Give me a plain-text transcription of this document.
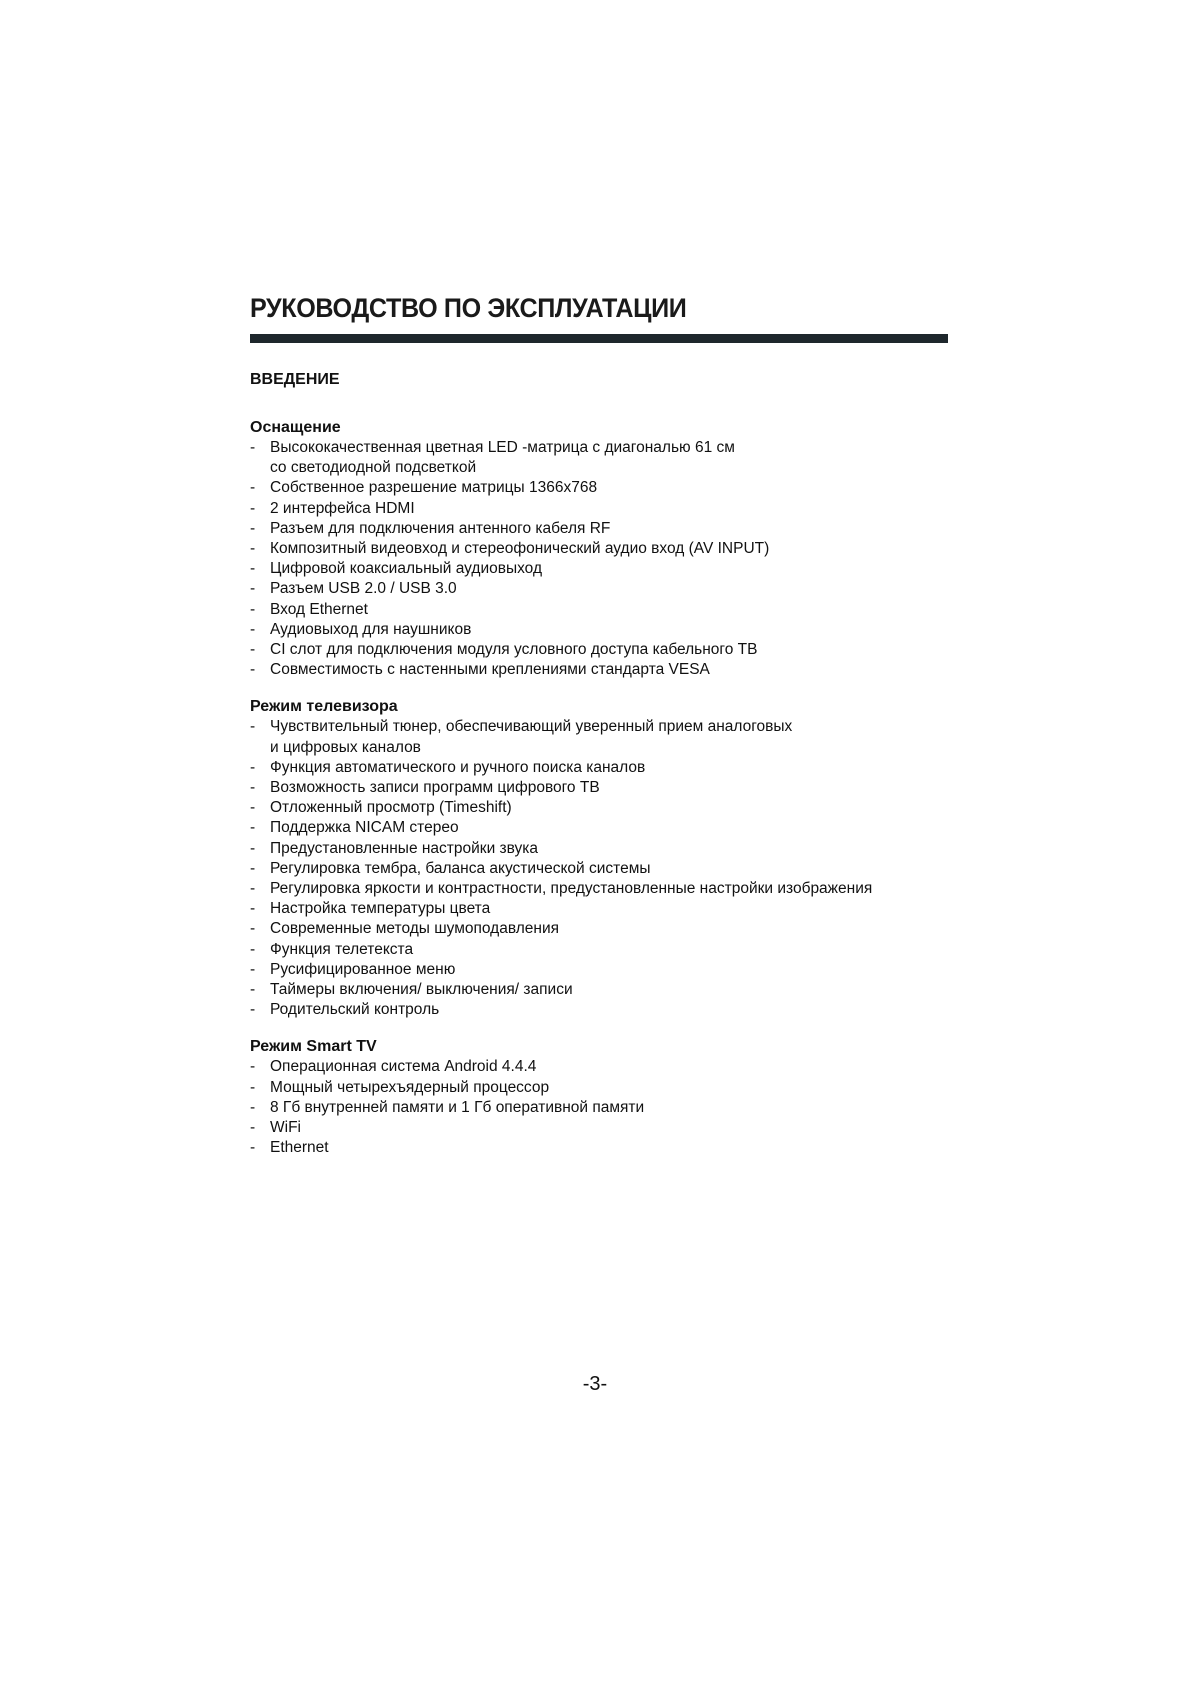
РУКОВОДСТВО ПО ЭКСПЛУАТАЦИИ

ВВЕДЕНИЕ

Оснащение

- Высококачественная цветная LED -матрица с диагональю 61 см
со светодиодной подсветкой
- Собственное разрешение матрицы 1366x768
- 2 интерфейса HDMI
- Разъем для подключения антенного кабеля RF
- Композитный видеовход и стереофонический аудио вход (AV INPUT)
- Цифровой коаксиальный аудиовыход
- Разъем USB 2.0 / USB 3.0
- Вход Ethernet
- Аудиовыход для наушников
- CI слот для подключения модуля условного доступа кабельного ТВ
- Совместимость с настенными креплениями стандарта VESA

Режим телевизора

- Чувствительный тюнер, обеспечивающий уверенный прием аналоговых
и цифровых каналов
- Функция автоматического и ручного поиска каналов
- Возможность записи программ цифрового ТВ
- Отложенный просмотр (Timeshift)
- Поддержка NICAM стерео
- Предустановленные настройки звука
- Регулировка тембра, баланса акустической системы
- Регулировка яркости и контрастности, предустановленные настройки изображения
- Настройка температуры цвета
- Современные методы шумоподавления
- Функция телетекста
- Русифицированное меню
- Таймеры включения/ выключения/ записи
- Родительский контроль

Режим Smart TV

- Операционная система Android 4.4.4
- Мощный четырехъядерный процессор
- 8 Гб внутренней памяти и 1 Гб оперативной памяти
- WiFi
- Ethernet
-3-
